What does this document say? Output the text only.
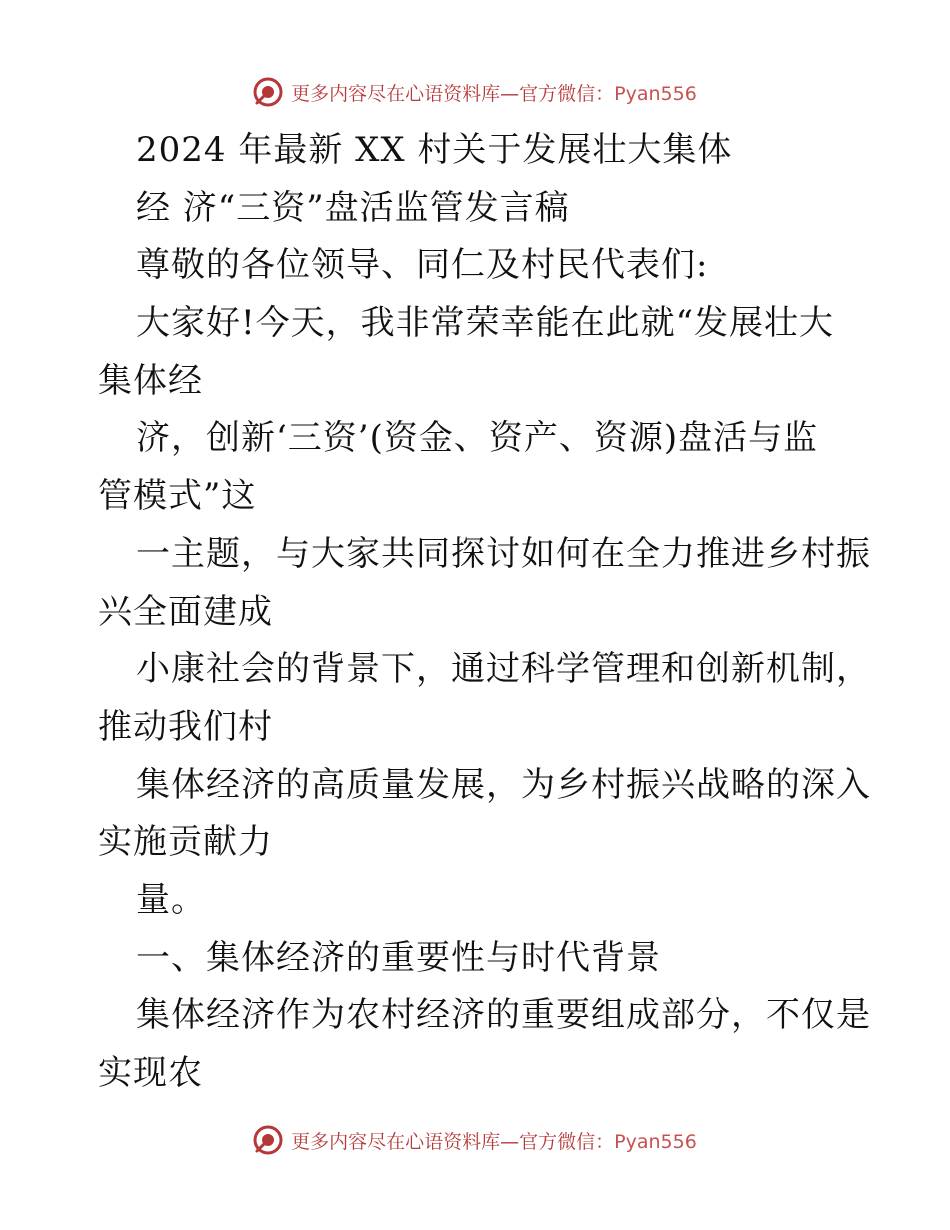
更多内容尽在心语资料库—官方微信：Pyan556
2024 年最新 XX 村关于发展壮大集体
经 济“三资”盘活监管发言稿
尊敬的各位领导、同仁及村民代表们:
大家好!今天，我非常荣幸能在此就“发展壮大
集体经
济，创新‘三资’(资金、资产、资源)盘活与监
管模式”这
一主题，与大家共同探讨如何在全力推进乡村振
兴全面建成
小康社会的背景下，通过科学管理和创新机制，
推动我们村
集体经济的高质量发展，为乡村振兴战略的深入
实施贡献力
量。
一、集体经济的重要性与时代背景
集体经济作为农村经济的重要组成部分，不仅是
实现农
更多内容尽在心语资料库—官方微信：Pyan556
